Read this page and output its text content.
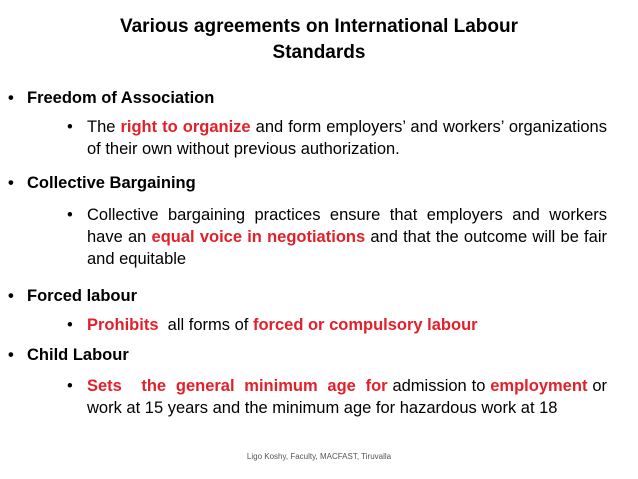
Various agreements on International Labour
Standards
• Freedom of Association
• The right to organize and form employers’ and workers’ organizations of their own without previous authorization.
• Collective Bargaining
• Collective bargaining practices ensure that employers and workers have an equal voice in negotiations and that the outcome will be fair and equitable
• Forced labour
• Prohibits  all forms of forced or compulsory labour
• Child Labour
• Sets    the  general  minimum  age  for admission to employment or work at 15 years and the minimum age for hazardous work at 18
Ligo Koshy, Faculty, MACFAST, Tiruvalla
